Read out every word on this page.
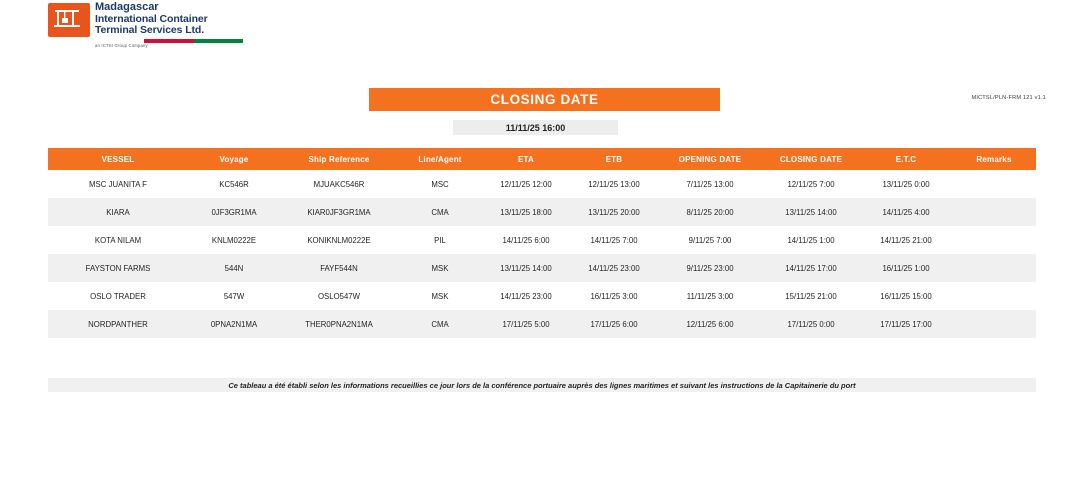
Madagascar
International Container
Terminal Services Ltd.
an ICTSI Group Company
CLOSING DATE
11/11/25 16:00
MICTSL/PLN-FRM 121 v1.1
VESSEL	Voyage	Ship Reference	Line/Agent	ETA	ETB	OPENING DATE	CLOSING DATE	E.T.C	Remarks
MSC JUANITA F	KC546R	MJUAKC546R	MSC	12/11/25 12:00	12/11/25 13:00	7/11/25 13:00	12/11/25 7:00	13/11/25 0:00	
KIARA	0JF3GR1MA	KIAR0JF3GR1MA	CMA	13/11/25 18:00	13/11/25 20:00	8/11/25 20:00	13/11/25 14:00	14/11/25 4:00	
KOTA NILAM	KNLM0222E	KONIKNLM0222E	PIL	14/11/25 6:00	14/11/25 7:00	9/11/25 7:00	14/11/25 1:00	14/11/25 21:00	
FAYSTON FARMS	544N	FAYF544N	MSK	13/11/25 14:00	14/11/25 23:00	9/11/25 23:00	14/11/25 17:00	16/11/25 1:00	
OSLO TRADER	547W	OSLO547W	MSK	14/11/25 23:00	16/11/25 3:00	11/11/25 3:00	15/11/25 21:00	16/11/25 15:00	
NORDPANTHER	0PNA2N1MA	THER0PNA2N1MA	CMA	17/11/25 5:00	17/11/25 6:00	12/11/25 6:00	17/11/25 0:00	17/11/25 17:00	
Ce tableau a été établi selon les informations recueillies ce jour lors de la conférence portuaire auprès des lignes maritimes et suivant les instructions de la Capitainerie du port
